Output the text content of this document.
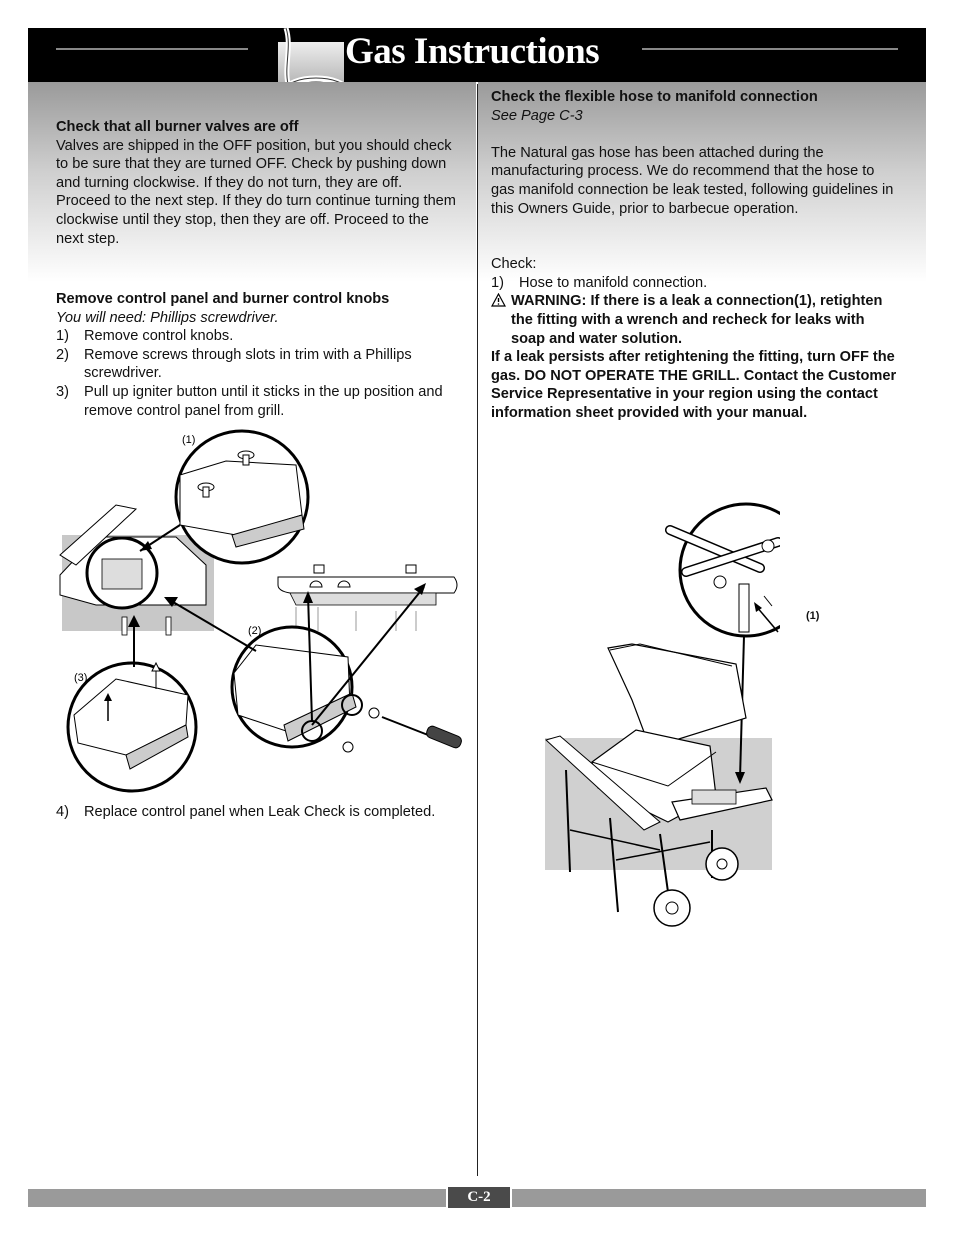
Gas Instructions
Check that all burner valves are off
Valves are shipped in the OFF position, but you should check to be sure that they are turned OFF. Check by pushing down and turning clockwise. If they do not turn, they are off. Proceed to the next step. If they do turn continue turning them clockwise until they stop, then they are off. Proceed to the next step.
Remove control panel and burner control knobs
You will need: Phillips screwdriver.
1) Remove control knobs.
2) Remove screws through slots in trim with a Phillips screwdriver.
3) Pull up igniter button until it sticks in the up position and remove control panel from grill.
(1)
(2)
(3)
4) Replace control panel when Leak Check is completed.
Check the flexible hose to manifold connection
See Page C-3
The Natural gas hose has been attached during the manufacturing process. We do recommend that the hose to gas manifold connection be leak tested, following guidelines in this Owners Guide, prior to barbecue operation.
Check:
1) Hose to manifold connection.
WARNING: If there is a leak a connection(1), retighten the fitting with a wrench and recheck for leaks with soap and water solution.
If a leak persists after retightening the fitting, turn OFF the gas. DO NOT OPERATE THE GRILL. Contact the Customer Service Representative in your region using the contact information sheet provided with your manual.
(1)
C-2
